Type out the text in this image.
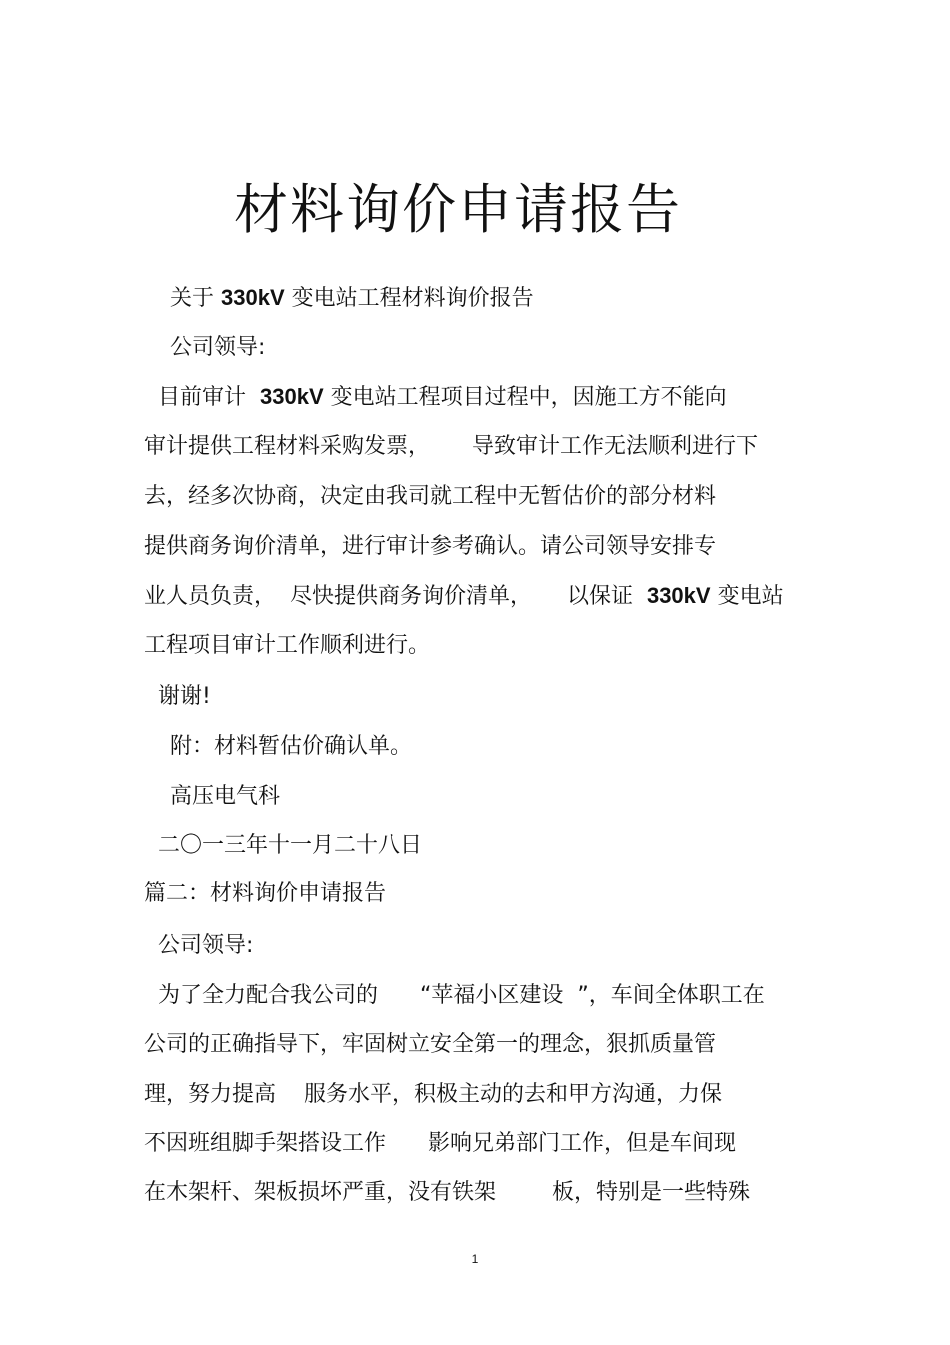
材料询价申请报告

关于 330kV 变电站工程材料询价报告

公司领导:

目前审计  330kV 变电站工程项目过程中，因施工方不能向

审计提供工程材料采购发票，      导致审计工作无法顺利进行下

去，经多次协商，决定由我司就工程中无暂估价的部分材料

提供商务询价清单，进行审计参考确认。请公司领导安排专

业人员负责，  尽快提供商务询价清单，     以保证  330kV 变电站

工程项目审计工作顺利进行。

谢谢!

附：材料暂估价确认单。

高压电气科

二〇一三年十一月二十八日

篇二：材料询价申请报告

公司领导:

为了全力配合我公司的      “苹福小区建设  ”，车间全体职工在

公司的正确指导下，牢固树立安全第一的理念，狠抓质量管

理，努力提高    服务水平，积极主动的去和甲方沟通，力保

不因班组脚手架搭设工作      影响兄弟部门工作，但是车间现

在木架杆、架板损坏严重，没有铁架        板，特别是一些特殊

1
